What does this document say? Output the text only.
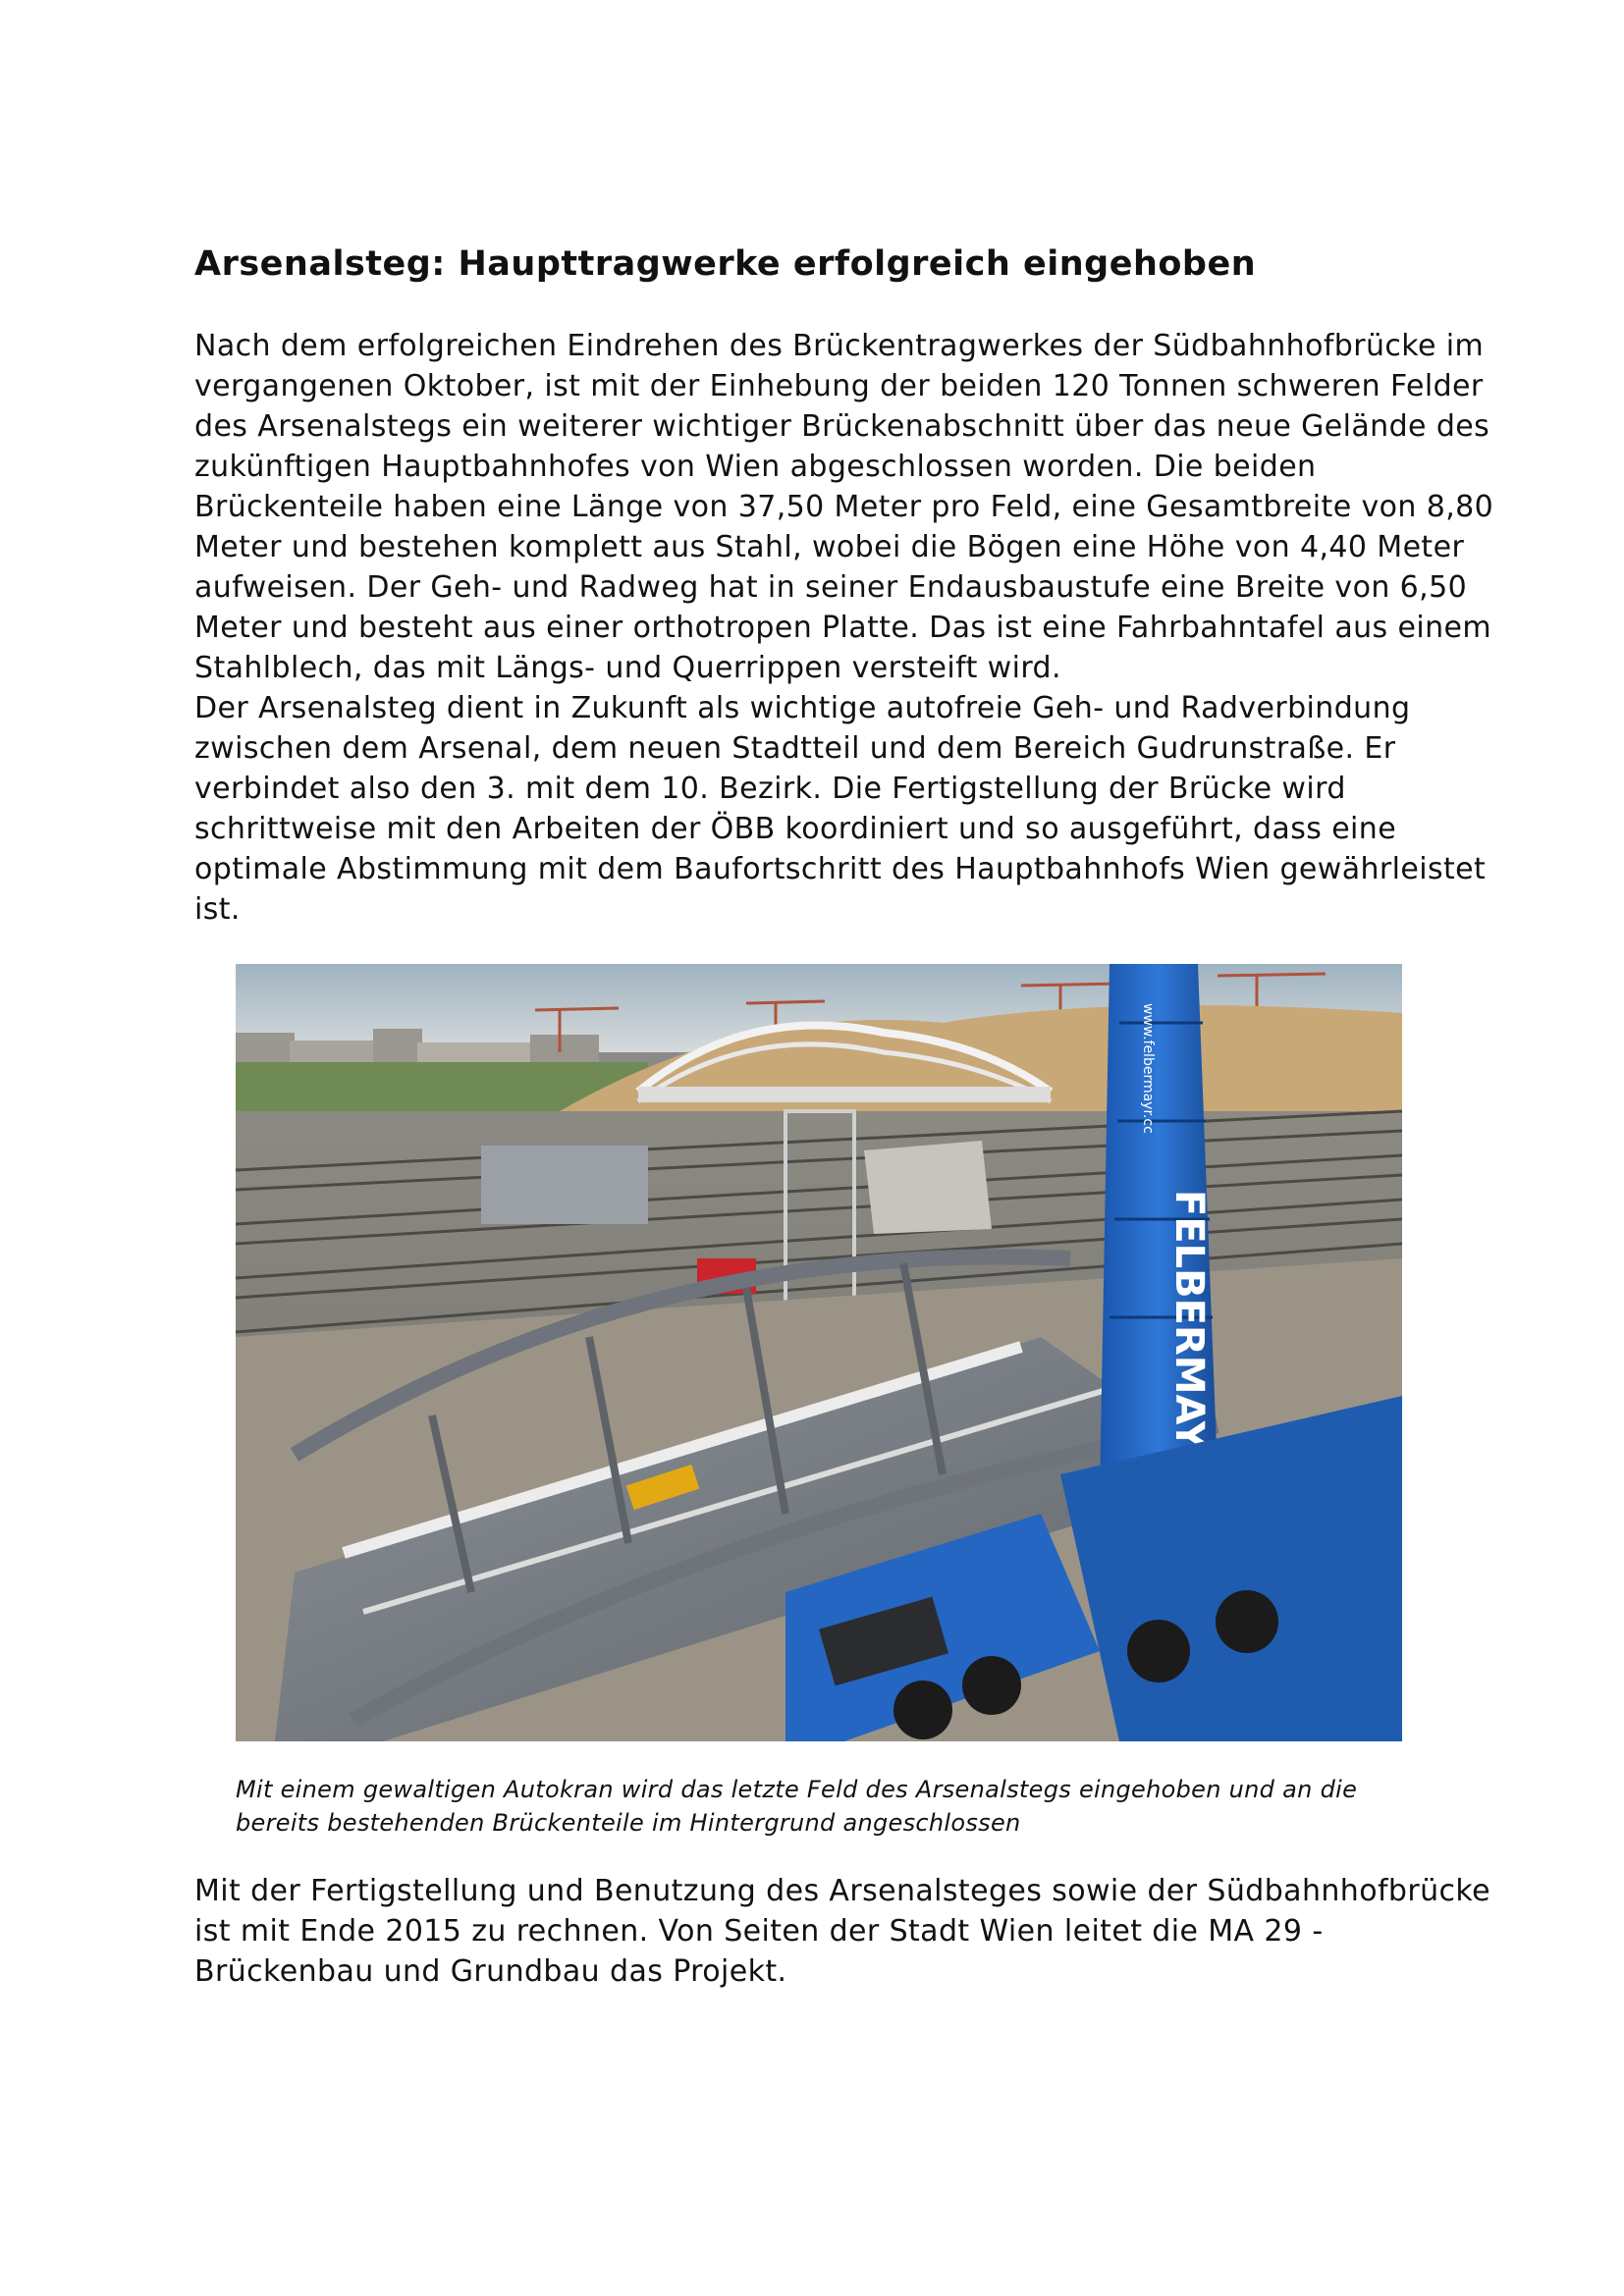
Arsenalsteg: Haupttragwerke erfolgreich eingehoben

Nach dem erfolgreichen Eindrehen des Brückentragwerkes der Südbahnhofbrücke im
vergangenen Oktober, ist mit der Einhebung der beiden 120 Tonnen schweren Felder
des Arsenalstegs ein weiterer wichtiger Brückenabschnitt über das neue Gelände des
zukünftigen Hauptbahnhofes von Wien abgeschlossen worden. Die beiden
Brückenteile haben eine Länge von 37,50 Meter pro Feld, eine Gesamtbreite von 8,80
Meter und bestehen komplett aus Stahl, wobei die Bögen eine Höhe von 4,40 Meter
aufweisen. Der Geh- und Radweg hat in seiner Endausbaustufe eine Breite von 6,50
Meter und besteht aus einer orthotropen Platte. Das ist eine Fahrbahntafel aus einem
Stahlblech, das mit Längs- und Querrippen versteift wird.
Der Arsenalsteg dient in Zukunft als wichtige autofreie Geh- und Radverbindung
zwischen dem Arsenal, dem neuen Stadtteil und dem Bereich Gudrunstraße. Er
verbindet also den 3. mit dem 10. Bezirk. Die Fertigstellung der Brücke wird
schrittweise mit den Arbeiten der ÖBB koordiniert und so ausgeführt, dass eine
optimale Abstimmung mit dem Baufortschritt des Hauptbahnhofs Wien gewährleistet
ist.

FELBERMAYR
www.felbermayr.cc

Mit einem gewaltigen Autokran wird das letzte Feld des Arsenalstegs eingehoben und an die
bereits bestehenden Brückenteile im Hintergrund angeschlossen

Mit der Fertigstellung und Benutzung des Arsenalsteges sowie der Südbahnhofbrücke
ist mit Ende 2015 zu rechnen. Von Seiten der Stadt Wien leitet die MA 29 -
Brückenbau und Grundbau das Projekt.
